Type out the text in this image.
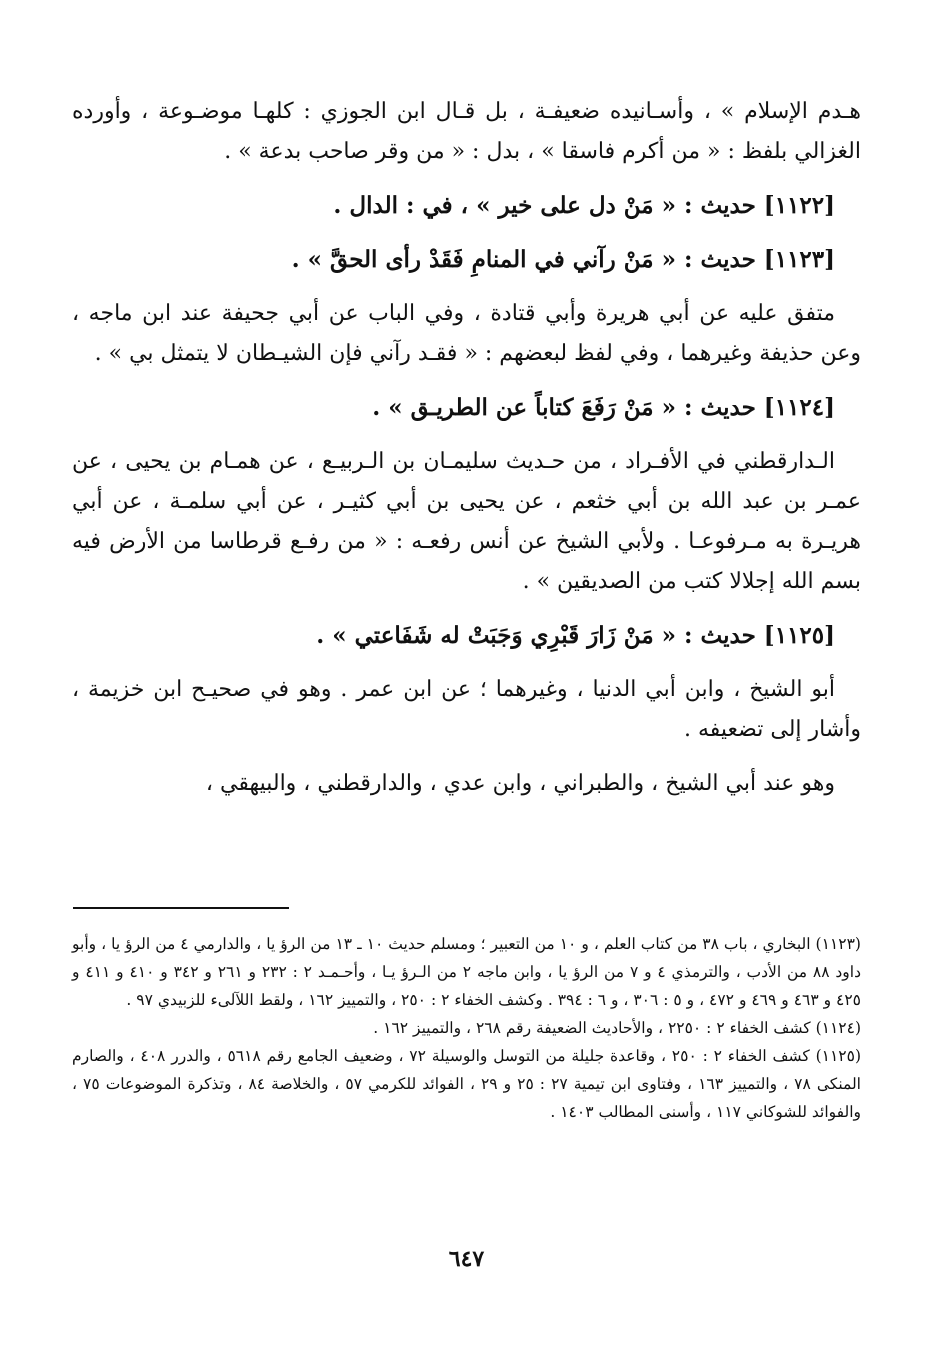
هـدم الإسلام » ، وأسـانيده ضعيفـة ، بل قـال ابن الجوزي : كلهـا موضـوعة ، وأورده الغزالي بلفظ : « من أكرم فاسقا » ، بدل : « من وقر صاحب بدعة » .

[١١٢٢] حديث : « مَنْ دل على خير » ، في : الدال .

[١١٢٣] حديث : « مَنْ رآني في المنامِ فَقَدْ رأى الحقَّ » .

متفق عليه عن أبي هريرة وأبي قتادة ، وفي الباب عن أبي جحيفة عند ابن ماجه ، وعن حذيفة وغيرهما ، وفي لفظ لبعضهم : « فقـد رآني فإن الشيـطان لا يتمثل بي » .

[١١٢٤] حديث : « مَنْ رَفَعَ كتاباً عن الطريـق » .

الـدارقطني في الأفـراد ، من حـديث سليمـان بن الـربيـع ، عن همـام بن يحيى ، عن عمـر بن عبد الله بن أبي خثعم ، عن يحيى بن أبي كثيـر ، عن أبي سلمـة ، عن أبي هريـرة به مـرفوعـا . ولأبي الشيخ عن أنس رفعـه : « من رفـع قرطاسا من الأرض فيه بسم الله إجلالا كتب من الصديقين » .

[١١٢٥] حديث : « مَنْ زَارَ قَبْرِي وَجَبَتْ له شَفَاعتي » .

أبو الشيخ ، وابن أبي الدنيا ، وغيرهما ؛ عن ابن عمر . وهو في صحيـح ابن خزيمة ، وأشار إلى تضعيفه .

وهو عند أبي الشيخ ، والطبراني ، وابن عدي ، والدارقطني ، والبيهقي ،

(١١٢٣) البخاري ، باب ٣٨ من كتاب العلم ، و ١٠ من التعبير ؛ ومسلم حديث ١٠ ـ ١٣ من الرؤ يا ، والدارمي ٤ من الرؤ يا ، وأبو داود ٨٨ من الأدب ، والترمذي ٤ و ٧ من الرؤ يا ، وابن ماجه ٢ من الـرؤ يـا ، وأحـمـد ٢ : ٢٣٢ و ٢٦١ و ٣٤٢ و ٤١٠ و ٤١١ و ٤٢٥ و ٤٦٣ و ٤٦٩ و ٤٧٢ ، و ٥ : ٣٠٦ ، و ٦ : ٣٩٤ . وكشف الخفاء ٢ : ٢٥٠ ، والتمييز ١٦٢ ، ولقط اللآلىء للزبيدي ٩٧ .

(١١٢٤) كشف الخفاء ٢ : ٢٢٥٠ ، والأحاديث الضعيفة رقم ٢٦٨ ، والتمييز ١٦٢ .

(١١٢٥) كشف الخفاء ٢ : ٢٥٠ ، وقاعدة جليلة من التوسل والوسيلة ٧٢ ، وضعيف الجامع رقم ٥٦١٨ ، والدرر ٤٠٨ ، والصارم المنكى ٧٨ ، والتمييز ١٦٣ ، وفتاوى ابن تيمية ٢٧ : ٢٥ و ٢٩ ، الفوائد للكرمي ٥٧ ، والخلاصة ٨٤ ، وتذكرة الموضوعات ٧٥ ، والفوائد للشوكاني ١١٧ ، وأسنى المطالب ١٤٠٣ .

٦٤٧
